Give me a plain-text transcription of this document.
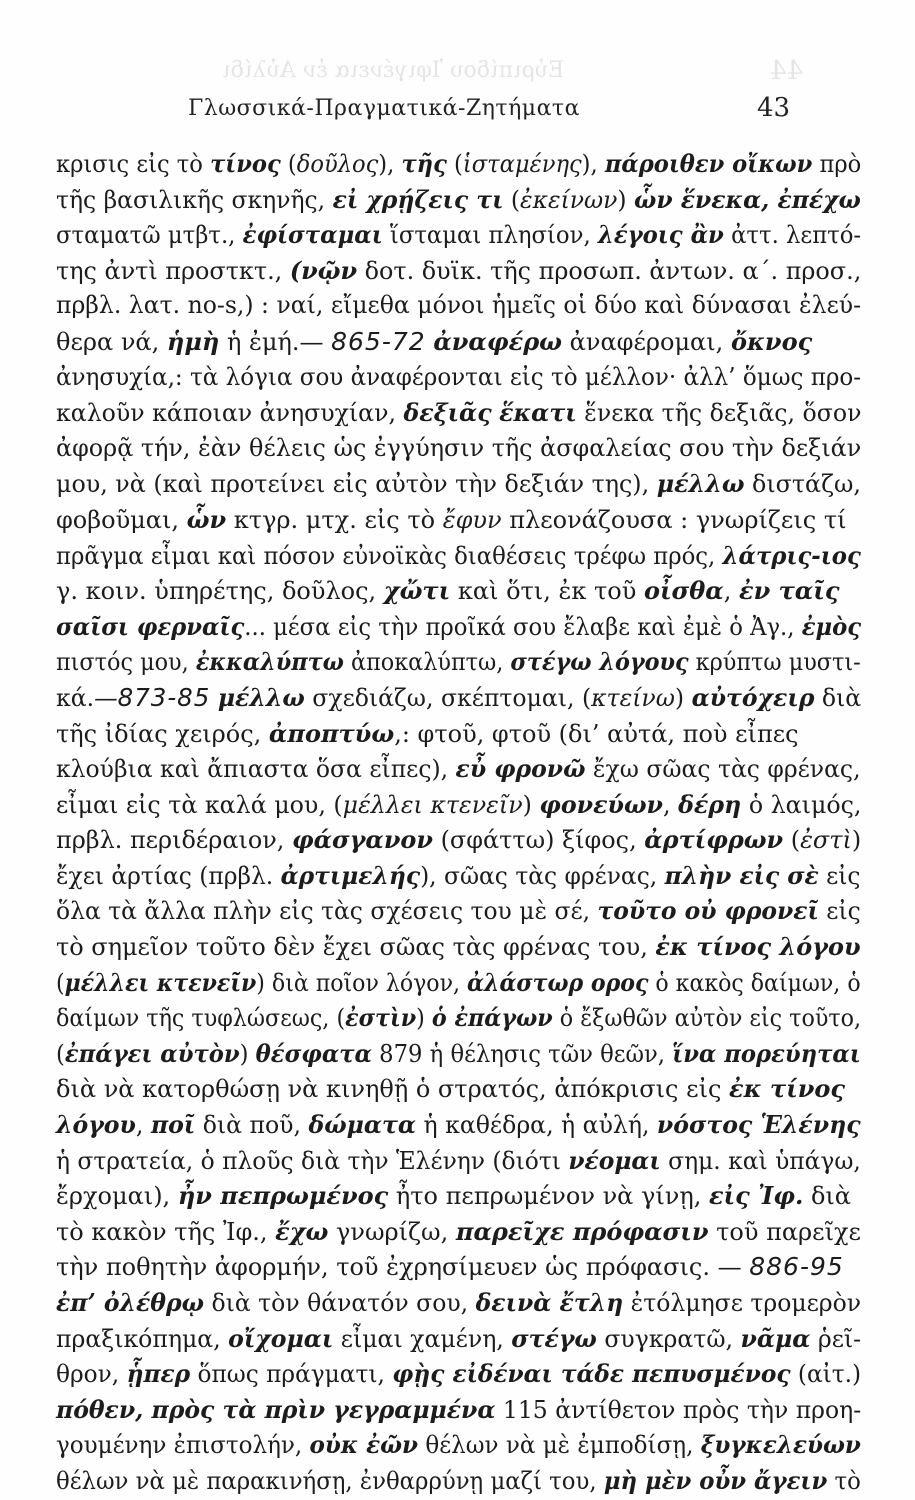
Εὐριπίδου Ἰφιγένεια ἐν Αὐλίδι	44
Γλωσσικά-Πραγματικά-Ζητήματα	43
κρισις εἰς τὸ τίνος (δοῦλος), τῆς (ἱσταμένης), πάροιθεν οἴκων πρὸ
τῆς βασιλικῆς σκηνῆς, εἰ χρῄζεις τι (ἐκείνων) ὧν ἕνεκα, ἐπέχω
σταματῶ μτβτ., ἐφίσταμαι ἵσταμαι πλησίον, λέγοις ἂν ἀττ. λεπτό-
της ἀντὶ προστκτ., (νῷν δοτ. δυϊκ. τῆς προσωπ. ἀντων. α΄. προσ.,
πρβλ. λατ. no-s,) : ναί, εἴμεθα μόνοι ἡμεῖς οἱ δύο καὶ δύνασαι ἐλεύ-
θερα νά, ἡμὴ ἡ ἐμή.— 865-72 ἀναφέρω ἀναφέρομαι, ὄκνος
ἀνησυχία,: τὰ λόγια σου ἀναφέρονται εἰς τὸ μέλλον· ἀλλ’ ὅμως προ-
καλοῦν κάποιαν ἀνησυχίαν, δεξιᾶς ἕκατι ἕνεκα τῆς δεξιᾶς, ὅσον
ἀφορᾷ τήν, ἐὰν θέλεις ὡς ἐγγύησιν τῆς ἀσφαλείας σου τὴν δεξιάν
μου, νὰ (καὶ προτείνει εἰς αὐτὸν τὴν δεξιάν της), μέλλω διστάζω,
φοβοῦμαι, ὧν κτγρ. μτχ. εἰς τὸ ἔφυν πλεονάζουσα : γνωρίζεις τί
πρᾶγμα εἶμαι καὶ πόσον εὐνοϊκὰς διαθέσεις τρέφω πρός, λάτρις-ιος
γ. κοιν. ὑπηρέτης, δοῦλος, χὤτι καὶ ὅτι, ἐκ τοῦ οἶσθα, ἐν ταῖς
σαῖσι φερναῖς... μέσα εἰς τὴν προῖκά σου ἔλαβε καὶ ἐμὲ ὁ Ἀγ., ἐμὸς
πιστός μου, ἐκκαλύπτω ἀποκαλύπτω, στέγω λόγους κρύπτω μυστι-
κά.—873-85 μέλλω σχεδιάζω, σκέπτομαι, (κτείνω) αὐτόχειρ διὰ
τῆς ἰδίας χειρός, ἀποπτύω,: φτοῦ, φτοῦ (δι’ αὐτά, ποὺ εἶπες
κλούβια καὶ ἄπιαστα ὅσα εἶπες), εὖ φρονῶ ἔχω σῶας τὰς φρένας,
εἶμαι εἰς τὰ καλά μου, (μέλλει κτενεῖν) φονεύων, δέρη ὁ λαιμός,
πρβλ. περιδέραιον, φάσγανον (σφάττω) ξίφος, ἀρτίφρων (ἐστὶ)
ἔχει ἀρτίας (πρβλ. ἀρτιμελής), σῶας τὰς φρένας, πλὴν εἰς σὲ εἰς
ὅλα τὰ ἄλλα πλὴν εἰς τὰς σχέσεις του μὲ σέ, τοῦτο οὐ φρονεῖ εἰς
τὸ σημεῖον τοῦτο δὲν ἔχει σῶας τὰς φρένας του, ἐκ τίνος λόγου
(μέλλει κτενεῖν) διὰ ποῖον λόγον, ἀλάστωρ ορος ὁ κακὸς δαίμων, ὁ
δαίμων τῆς τυφλώσεως, (ἐστὶν) ὁ ἐπάγων ὁ ἔξωθῶν αὐτὸν εἰς τοῦτο,
(ἐπάγει αὐτὸν) θέσφατα 879 ἡ θέλησις τῶν θεῶν, ἵνα πορεύηται
διὰ νὰ κατορθώσῃ νὰ κινηθῇ ὁ στρατός, ἀπόκρισις εἰς ἐκ τίνος
λόγου, ποῖ διὰ ποῦ, δώματα ἡ καθέδρα, ἡ αὐλή, νόστος Ἑλένης
ἡ στρατεία, ὁ πλοῦς διὰ τὴν Ἑλένην (διότι νέομαι σημ. καὶ ὑπάγω,
ἔρχομαι), ἦν πεπρωμένος ἦτο πεπρωμένον νὰ γίνῃ, εἰς Ἰφ. διὰ
τὸ κακὸν τῆς Ἰφ., ἔχω γνωρίζω, παρεῖχε πρόφασιν τοῦ παρεῖχε
τὴν ποθητὴν ἀφορμήν, τοῦ ἐχρησίμευεν ὡς πρόφασις. — 886-95
ἐπ’ ὀλέθρῳ διὰ τὸν θάνατόν σου, δεινὰ ἔτλη ἐτόλμησε τρομερὸν
πραξικόπημα, οἴχομαι εἶμαι χαμένη, στέγω συγκρατῶ, νᾶμα ῥεῖ-
θρον, ᾗπερ ὅπως πράγματι, φῂς εἰδέναι τάδε πεπυσμένος (αἰτ.)
πόθεν, πρὸς τὰ πρὶν γεγραμμένα 115 ἀντίθετον πρὸς τὴν προη-
γουμένην ἐπιστολήν, οὐκ ἐῶν θέλων νὰ μὲ ἐμποδίσῃ, ξυγκελεύων
θέλων νὰ μὲ παρακινήσῃ, ἐνθαρρύνῃ μαζί του, μὴ μὲν οὖν ἄγειν τὸ
